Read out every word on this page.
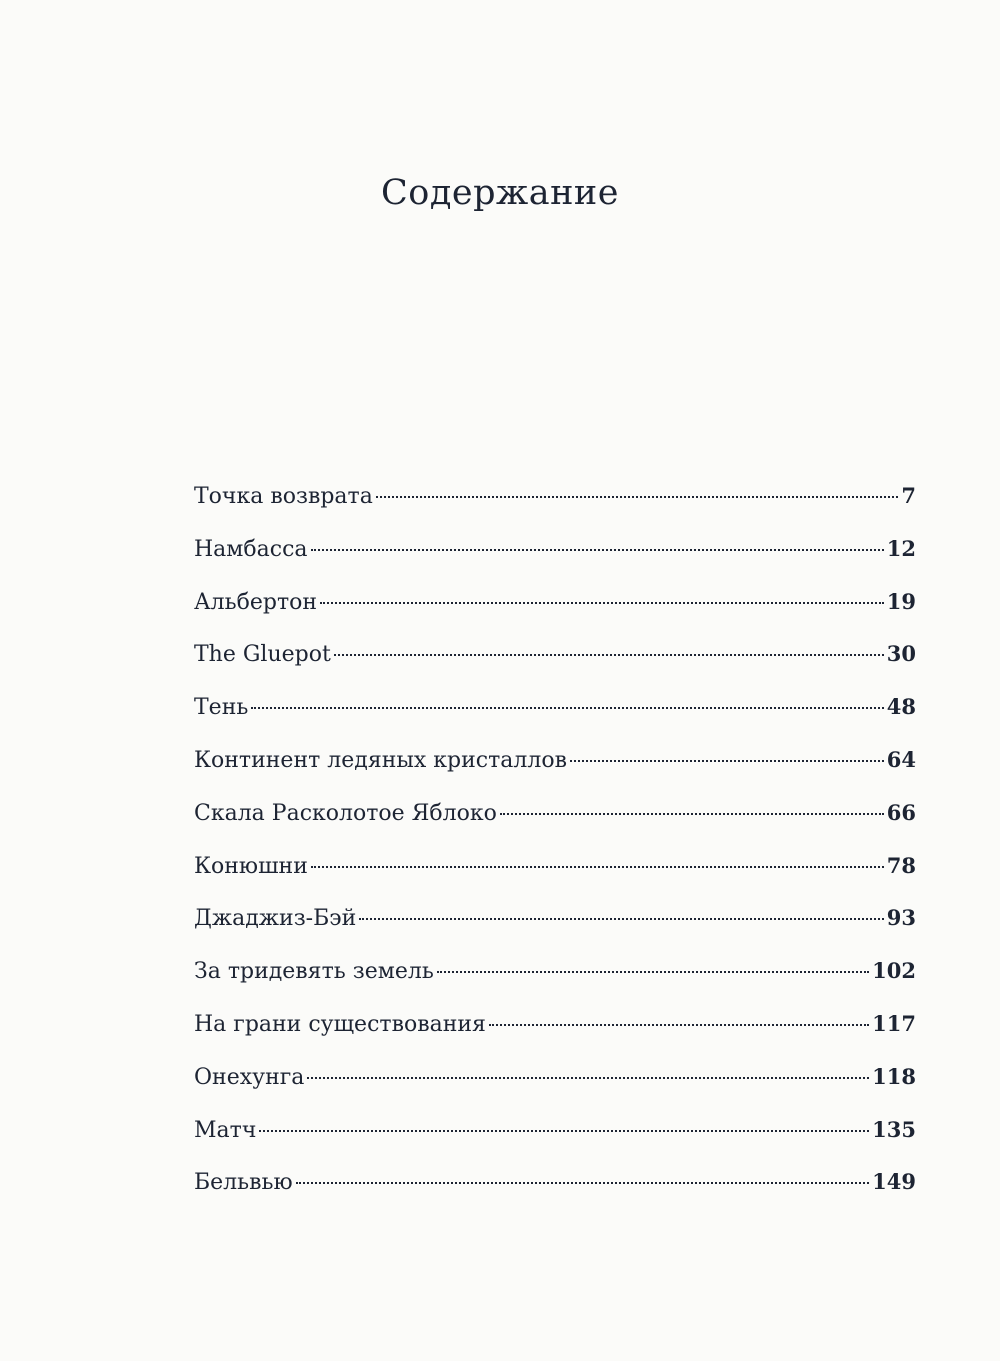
Содержание
Точка возврата	7
Намбасса	12
Альбертон	19
The Gluepot	30
Тень	48
Континент ледяных кристаллов	64
Скала Расколотое Яблоко	66
Конюшни	78
Джаджиз-Бэй	93
За тридевять земель	102
На грани существования	117
Онехунга	118
Матч	135
Бельвью	149
